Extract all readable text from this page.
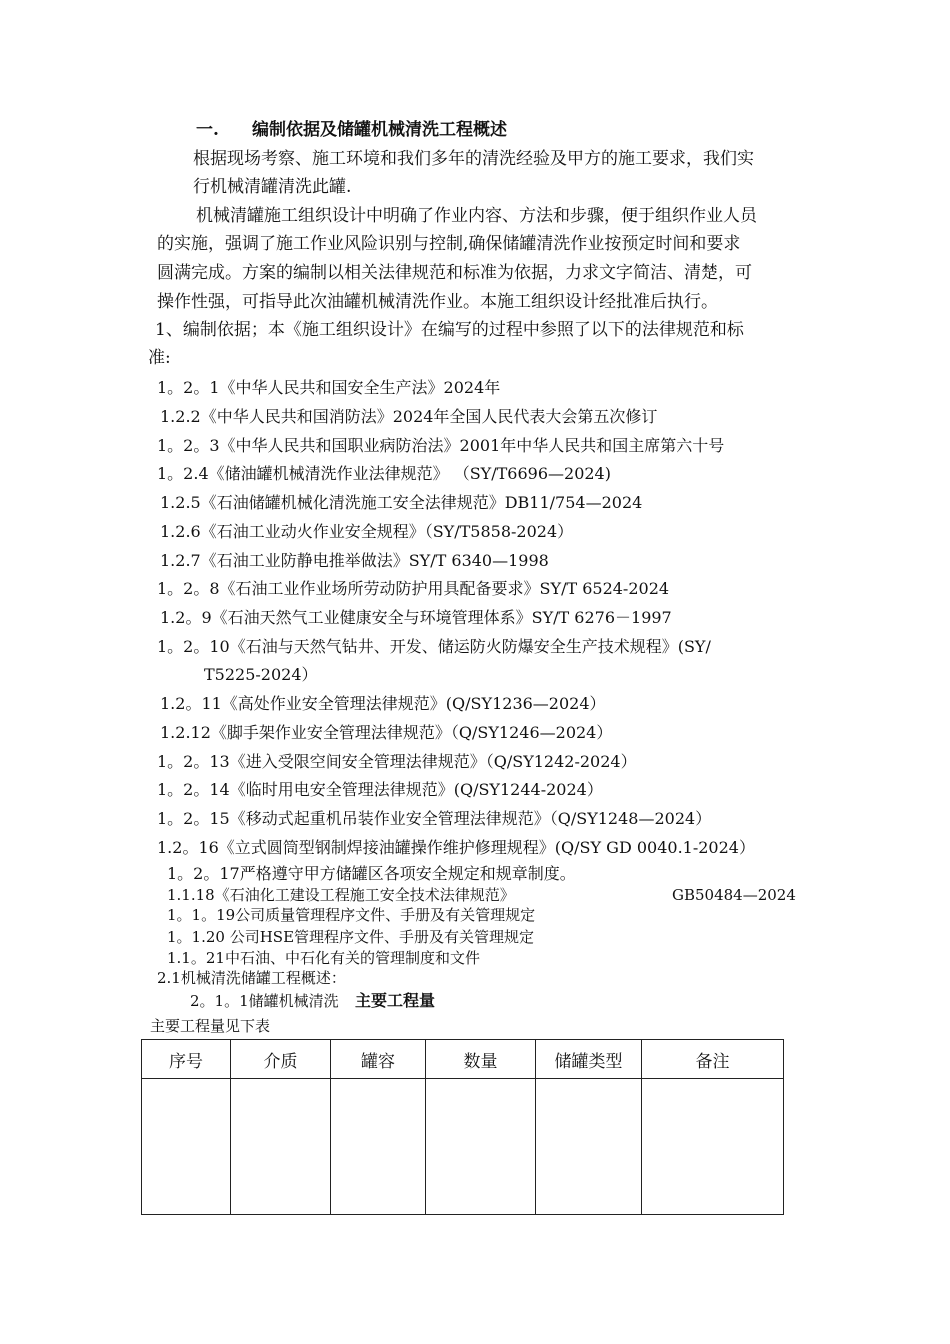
一. 编制依据及储罐机械清洗工程概述
根据现场考察、施工环境和我们多年的清洗经验及甲方的施工要求，我们实
行机械清罐清洗此罐.
机械清罐施工组织设计中明确了作业内容、方法和步骤，便于组织作业人员
的实施，强调了施工作业风险识别与控制,确保储罐清洗作业按预定时间和要求
圆满完成。方案的编制以相关法律规范和标准为依据，力求文字简洁、清楚，可
操作性强，可指导此次油罐机械清洗作业。本施工组织设计经批准后执行。
1、编制依据；本《施工组织设计》在编写的过程中参照了以下的法律规范和标
准:
1。2。1《中华人民共和国安全生产法》2024年
1.2.2《中华人民共和国消防法》2024年全国人民代表大会第五次修订
1。2。3《中华人民共和国职业病防治法》2001年中华人民共和国主席第六十号
1。2.4《储油罐机械清洗作业法律规范》 （SY/T6696—2024)
1.2.5《石油储罐机械化清洗施工安全法律规范》DB11/754—2024
1.2.6《石油工业动火作业安全规程》（SY/T5858-2024）
1.2.7《石油工业防静电推举做法》SY/T 6340—1998
1。2。8《石油工业作业场所劳动防护用具配备要求》SY/T 6524-2024
1.2。9《石油天然气工业健康安全与环境管理体系》SY/T 6276－1997
1。2。10《石油与天然气钻井、开发、储运防火防爆安全生产技术规程》(SY/
T5225-2024）
1.2。11《高处作业安全管理法律规范》(Q/SY1236—2024）
1.2.12《脚手架作业安全管理法律规范》（Q/SY1246—2024）
1。2。13《进入受限空间安全管理法律规范》（Q/SY1242-2024）
1。2。14《临时用电安全管理法律规范》(Q/SY1244-2024）
1。2。15《移动式起重机吊装作业安全管理法律规范》（Q/SY1248—2024）
1.2。16《立式圆筒型钢制焊接油罐操作维护修理规程》(Q/SY GD 0040.1-2024）
1。2。17严格遵守甲方储罐区各项安全规定和规章制度。
1.1.18《石油化工建设工程施工安全技术法律规范》	GB50484—2024
1。1。19公司质量管理程序文件、手册及有关管理规定
1。1.20 公司HSE管理程序文件、手册及有关管理规定
1.1。21中石油、中石化有关的管理制度和文件
2.1机械清洗储罐工程概述：
2。1。1储罐机械清洗 主要工程量
主要工程量见下表
序号	介质	罐容	数量	储罐类型	备注
